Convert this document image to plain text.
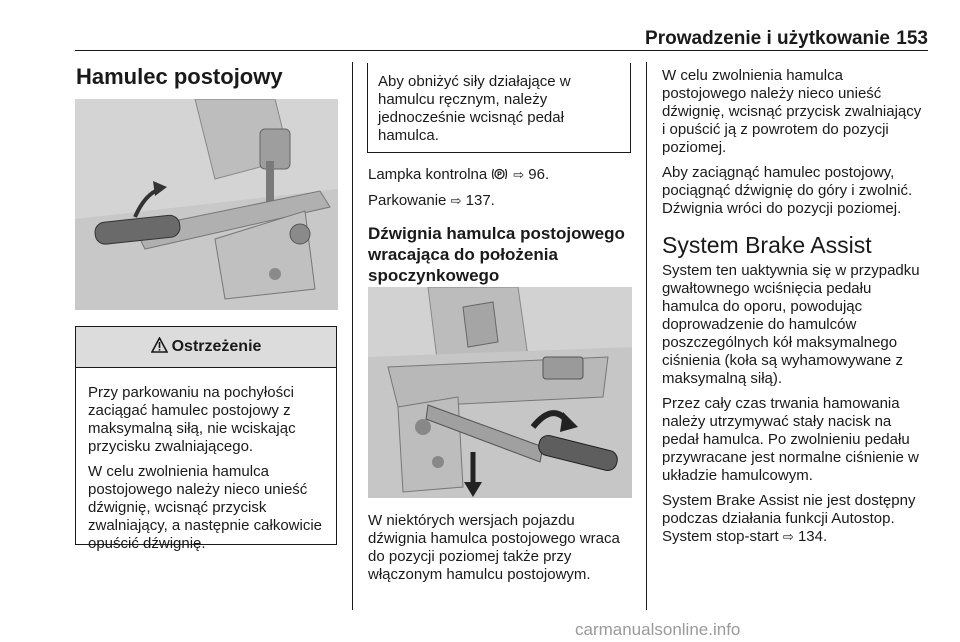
Prowadzenie i użytkowanie 153
Hamulec postojowy
Ostrzeżenie

Przy parkowaniu na pochyłości zaciągać hamulec postojowy z maksymalną siłą, nie wciskając przycisku zwalniającego.

W celu zwolnienia hamulca postojowego należy nieco unieść dźwignię, wcisnąć przycisk zwalniający, a następnie całkowicie opuścić dźwignię.

Aby obniżyć siły działające w hamulcu ręcznym, należy jednocześnie wcisnąć pedał hamulca.

Lampka kontrolna P ⇨ 96.

Parkowanie ⇨ 137.

Dźwignia hamulca postojowego wracająca do położenia spoczynkowego

W niektórych wersjach pojazdu dźwignia hamulca postojowego wraca do pozycji poziomej także przy włączonym hamulcu postojowym.

W celu zwolnienia hamulca postojowego należy nieco unieść dźwignię, wcisnąć przycisk zwalniający i opuścić ją z powrotem do pozycji poziomej.

Aby zaciągnąć hamulec postojowy, pociągnąć dźwignię do góry i zwolnić. Dźwignia wróci do pozycji poziomej.

System Brake Assist

System ten uaktywnia się w przypadku gwałtownego wciśnięcia pedału hamulca do oporu, powodując doprowadzenie do hamulców poszczególnych kół maksymalnego ciśnienia (koła są wyhamowywane z maksymalną siłą).

Przez cały czas trwania hamowania należy utrzymywać stały nacisk na pedał hamulca. Po zwolnieniu pedału przywracane jest normalne ciśnienie w układzie hamulcowym.

System Brake Assist nie jest dostępny podczas działania funkcji Autostop. System stop-start ⇨ 134.

carmanualsonline.info
